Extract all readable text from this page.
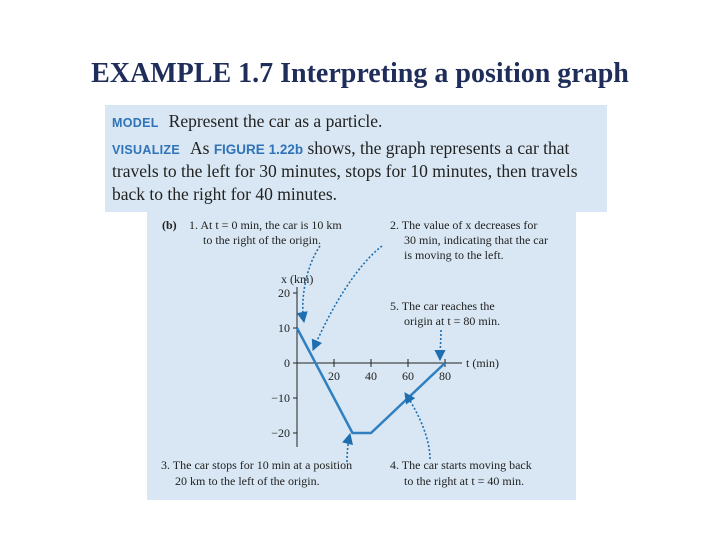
EXAMPLE 1.7 Interpreting a position graph
MODEL Represent the car as a particle.
VISUALIZE As FIGURE 1.22b shows, the graph represents a car that
travels to the left for 30 minutes, stops for 10 minutes, then travels
back to the right for 40 minutes.
(b) 1. At t = 0 min, the car is 10 km
to the right of the origin.
2. The value of x decreases for
30 min, indicating that the car
is moving to the left.
5. The car reaches the
origin at t = 80 min.
3. The car stops for 10 min at a position
20 km to the left of the origin.
4. The car starts moving back
to the right at t = 40 min.
x (km)
t (min)
20 40 60 80
20
10
0
−10
−20
